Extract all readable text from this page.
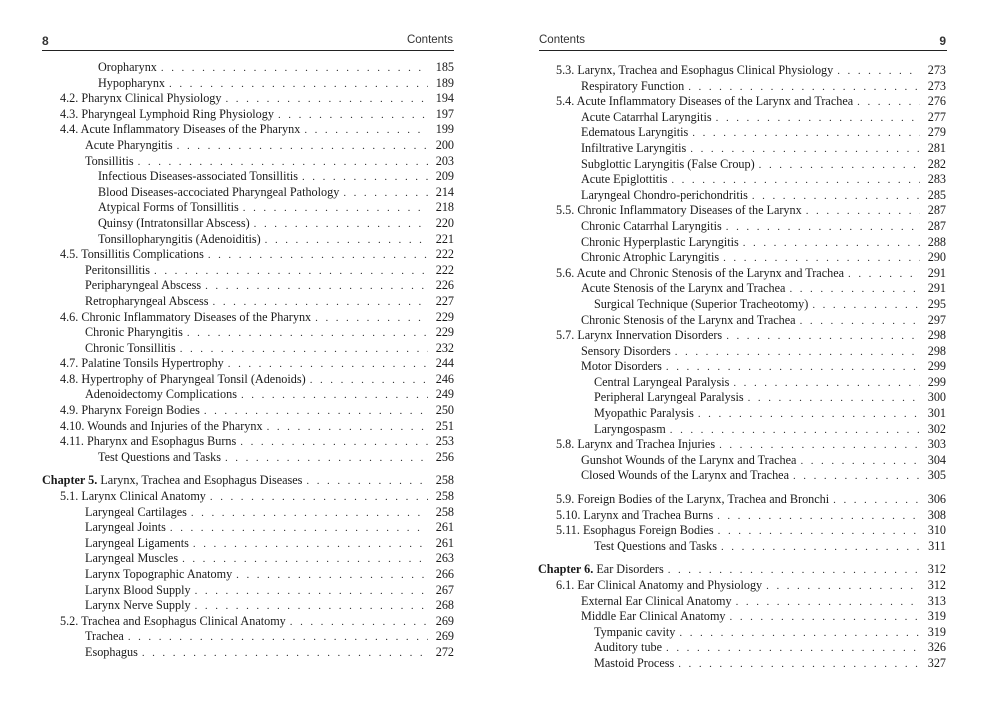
8	Contents
Oropharynx . . .	185
Hypopharynx . . .	189
4.2. Pharynx Clinical Physiology . . .	194
4.3. Pharyngeal Lymphoid Ring Physiology . . .	197
4.4. Acute Inflammatory Diseases of the Pharynx . . .	199
Acute Pharyngitis . . .	200
Tonsillitis . . .	203
Infectious Diseases-associated Tonsillitis . . .	209
Blood Diseases-accociated Pharyngeal Pathology . . .	214
Atypical Forms of Tonsillitis . . .	218
Quinsy (Intratonsillar Abscess) . . .	220
Tonsillopharyngitis (Adenoiditis) . . .	221
4.5. Tonsillitis Complications . . .	222
Peritonsillitis . . .	222
Peripharyngeal Abscess . . .	226
Retropharyngeal Abscess . . .	227
4.6. Chronic Inflammatory Diseases of the Pharynx . . .	229
Chronic Pharyngitis . . .	229
Chronic Tonsillitis . . .	232
4.7. Palatine Tonsils Hypertrophy . . .	244
4.8. Hypertrophy of Pharyngeal Tonsil (Adenoids) . . .	246
Adenoidectomy Complications . . .	249
4.9. Pharynx Foreign Bodies . . .	250
4.10. Wounds and Injuries of the Pharynx . . .	251
4.11. Pharynx and Esophagus Burns . . .	253
Test Questions and Tasks . . .	256
Chapter 5. Larynx, Trachea and Esophagus Diseases . . .	258
5.1. Larynx Clinical Anatomy . . .	258
Laryngeal Cartilages . . .	258
Laryngeal Joints . . .	261
Laryngeal Ligaments . . .	261
Laryngeal Muscles . . .	263
Larynx Topographic Anatomy . . .	266
Larynx Blood Supply . . .	267
Larynx Nerve Supply . . .	268
5.2. Trachea and Esophagus Clinical Anatomy . . .	269
Trachea . . .	269
Esophagus . . .	272
Contents	9
5.3. Larynx, Trachea and Esophagus Clinical Physiology . . .	273
Respiratory Function . . .	273
5.4. Acute Inflammatory Diseases of the Larynx and Trachea . . .	276
Acute Catarrhal Laryngitis . . .	277
Edematous Laryngitis . . .	279
Infiltrative Laryngitis . . .	281
Subglottic Laryngitis (False Croup) . . .	282
Acute Epiglottitis . . .	283
Laryngeal Chondro-perichondritis . . .	285
5.5. Chronic Inflammatory Diseases of the Larynx . . .	287
Chronic Catarrhal Laryngitis . . .	287
Chronic Hyperplastic Laryngitis . . .	288
Chronic Atrophic Laryngitis . . .	290
5.6. Acute and Chronic Stenosis of the Larynx and Trachea . . .	291
Acute Stenosis of the Larynx and Trachea . . .	291
Surgical Technique (Superior Tracheotomy) . . .	295
Chronic Stenosis of the Larynx and Trachea . . .	297
5.7. Larynx Innervation Disorders . . .	298
Sensory Disorders . . .	298
Motor Disorders . . .	299
Central Laryngeal Paralysis . . .	299
Peripheral Laryngeal Paralysis . . .	300
Myopathic Paralysis . . .	301
Laryngospasm . . .	302
5.8. Larynx and Trachea Injuries . . .	303
Gunshot Wounds of the Larynx and Trachea . . .	304
Closed Wounds of the Larynx and Trachea . . .	305
5.9. Foreign Bodies of the Larynx, Trachea and Bronchi . . .	306
5.10. Larynx and Trachea Burns . . .	308
5.11. Esophagus Foreign Bodies . . .	310
Test Questions and Tasks . . .	311
Chapter 6. Ear Disorders . . .	312
6.1. Ear Clinical Anatomy and Physiology . . .	312
External Ear Clinical Anatomy . . .	313
Middle Ear Clinical Anatomy . . .	319
Tympanic cavity . . .	319
Auditory tube . . .	326
Mastoid Process . . .	327
